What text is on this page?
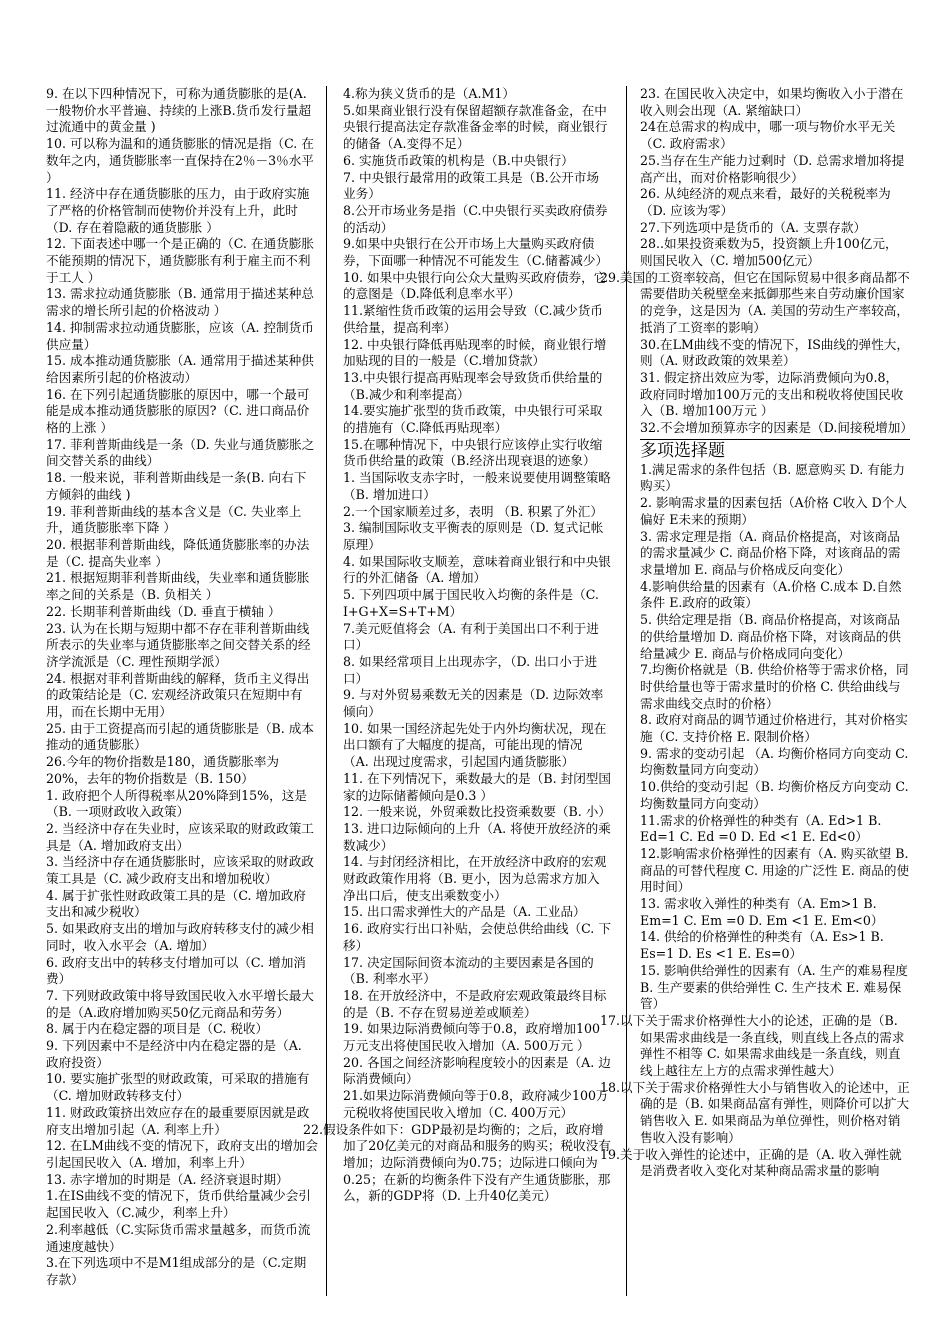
9. 在以下四种情况下，可称为通货膨胀的是(A.一般物价水平普遍、持续的上涨B.货币发行量超过流通中的黄金量 )

10. 可以称为温和的通货膨胀的情况是指（C. 在数年之内，通货膨胀率一直保持在2％－3％水平 ）

11. 经济中存在通货膨胀的压力，由于政府实施了严格的价格管制而使物价并没有上升，此时（D. 存在着隐蔽的通货膨胀 ）

12. 下面表述中哪一个是正确的（C. 在通货膨胀不能预期的情况下，通货膨胀有利于雇主而不利于工人 ）

13. 需求拉动通货膨胀（B. 通常用于描述某种总需求的增长所引起的价格波动 ）

14. 抑制需求拉动通货膨胀，应该（A. 控制货币供应量）

15. 成本推动通货膨胀（A. 通常用于描述某种供给因素所引起的价格波动）

16. 在下列引起通货膨胀的原因中，哪一个最可能是成本推动通货膨胀的原因?（C. 进口商品价格的上涨 ）

17. 菲利普斯曲线是一条（D. 失业与通货膨胀之间交替关系的曲线）

18. 一般来说，菲利普斯曲线是一条(B. 向右下方倾斜的曲线 )

19. 菲利普斯曲线的基本含义是（C. 失业率上升，通货膨胀率下降 ）

20. 根据菲利普斯曲线，降低通货膨胀率的办法是（C. 提高失业率 ）

21. 根据短期菲利普斯曲线，失业率和通货膨胀率之间的关系是（B. 负相关 ）

22. 长期菲利普斯曲线（D. 垂直于横轴 ）

23. 认为在长期与短期中都不存在菲利普斯曲线所表示的失业率与通货膨胀率之间交替关系的经济学流派是（C. 理性预期学派）

24. 根据对菲利普斯曲线的解释，货币主义得出的政策结论是（C. 宏观经济政策只在短期中有用，而在长期中无用）

25. 由于工资提高而引起的通货膨胀是（B. 成本推动的通货膨胀）

26.今年的物价指数是180，通货膨胀率为20%，去年的物价指数是（B. 150）

1. 政府把个人所得税率从20%降到15%，这是（B. 一项财政收入政策）

2. 当经济中存在失业时，应该采取的财政政策工具是（A. 增加政府支出）

3. 当经济中存在通货膨胀时，应该采取的财政政策工具是（C. 减少政府支出和增加税收）

4. 属于扩张性财政政策工具的是（C. 增加政府支出和减少税收）

5. 如果政府支出的增加与政府转移支付的减少相同时，收入水平会（A. 增加）

6. 政府支出中的转移支付增加可以（C. 增加消费）

7. 下列财政政策中将导致国民收入水平增长最大的是（A.政府增加购买50亿元商品和劳务）

8. 属于内在稳定器的项目是（C. 税收）

9. 下列因素中不是经济中内在稳定器的是（A. 政府投资）

10. 要实施扩张型的财政政策，可采取的措施有（C. 增加财政转移支付）

11. 财政政策挤出效应存在的最重要原因就是政府支出增加引起（A. 利率上升）

12. 在LM曲线不变的情况下，政府支出的增加会引起国民收入（A. 增加，利率上升）

13. 赤字增加的时期是（A. 经济衰退时期）

1.在IS曲线不变的情况下，货币供给量减少会引起国民收入（C.减少，利率上升）

2.利率越低（C.实际货币需求量越多，而货币流通速度越快）

3.在下列选项中不是M1组成部分的是（C.定期存款）

4.称为狭义货币的是（A.M1）

5.如果商业银行没有保留超额存款准备金，在中央银行提高法定存款准备金率的时候，商业银行的储备（A.变得不足）

6. 实施货币政策的机构是（B.中央银行）

7. 中央银行最常用的政策工具是（B.公开市场业务）

8.公开市场业务是指（C.中央银行买卖政府债券的活动）

9.如果中央银行在公开市场上大量购买政府债券，下面哪一种情况不可能发生（C.储蓄减少）

10. 如果中央银行向公众大量购买政府债券，它的意图是（D.降低利息率水平）

11.紧缩性货币政策的运用会导致（C.减少货币供给量，提高利率）

12. 中央银行降低再贴现率的时候，商业银行增加贴现的目的一般是（C.增加贷款）

13.中央银行提高再贴现率会导致货币供给量的（B.减少和利率提高）

14.要实施扩张型的货币政策，中央银行可采取的措施有（C.降低再贴现率）

15.在哪种情况下，中央银行应该停止实行收缩货币供给量的政策（B.经济出现衰退的迹象）

1. 当国际收支赤字时，一般来说要使用调整策略（B. 增加进口）

2.一个国家顺差过多，表明 （B. 积累了外汇）

3. 编制国际收支平衡表的原则是（D. 复式记帐原理）

4. 如果国际收支顺差，意味着商业银行和中央银行的外汇储备（A. 增加）

5. 下列四项中属于国民收入均衡的条件是（C. I+G+X=S+T+M）

7.美元贬值将会（A. 有利于美国出口不利于进口）

8. 如果经常项目上出现赤字，（D. 出口小于进口）

9. 与对外贸易乘数无关的因素是（D. 边际效率倾向）

10. 如果一国经济起先处于内外均衡状况，现在出口额有了大幅度的提高，可能出现的情况 （A. 出现过度需求，引起国内通货膨胀）

11. 在下列情况下，乘数最大的是（B. 封闭型国家的边际储蓄倾向是0.3 ）

12. 一般来说，外贸乘数比投资乘数要（B. 小）

13. 进口边际倾向的上升（A. 将使开放经济的乘数减少）

14. 与封闭经济相比，在开放经济中政府的宏观财政政策作用将（B. 更小，因为总需求方加入净出口后，使支出乘数变小）

15. 出口需求弹性大的产品是（A. 工业品）

16. 政府实行出口补贴，会使总供给曲线（C. 下移）

17. 决定国际间资本流动的主要因素是各国的（B. 利率水平）

18. 在开放经济中，不是政府宏观政策最终目标的是（B. 不存在贸易逆差或顺差）

19. 如果边际消费倾向等于0.8，政府增加100万元支出将使国民收入增加（A. 500万元 ）

20. 各国之间经济影响程度较小的因素是（A. 边际消费倾向）

21.如果边际消费倾向等于0.8，政府减少100万元税收将使国民收入增加（C. 400万元）

22.假设条件如下：GDP最初是均衡的；之后，政府增加了20亿美元的对商品和服务的购买；税收没有增加；边际消费倾向为0.75；边际进口倾向为0.25；在新的均衡条件下没有产生通货膨胀，那么，新的GDP将（D. 上升40亿美元）

23. 在国民收入决定中，如果均衡收入小于潜在收入则会出现（A. 紧缩缺口）

24在总需求的构成中，哪一项与物价水平无关（C. 政府需求）

25.当存在生产能力过剩时（D. 总需求增加将提高产出，而对价格影响很少）

26. 从纯经济的观点来看，最好的关税税率为（D. 应该为零）

27.下列选项中是货币的（A. 支票存款）

28..如果投资乘数为5，投资额上升100亿元，则国民收入（C. 增加500亿元）

29.美国的工资率较高，但它在国际贸易中很多商品都不需要借助关税壁垒来抵御那些来自劳动廉价国家的竞争，这是因为（A. 美国的劳动生产率较高，抵消了工资率的影响）

30.在LM曲线不变的情况下，IS曲线的弹性大，则（A. 财政政策的效果差）

31. 假定挤出效应为零，边际消费倾向为0.8，政府同时增加100万元的支出和税收将使国民收入（B. 增加100万元 ）

32.不会增加预算赤字的因素是（D.间接税增加）

多项选择题

1.满足需求的条件包括（B. 愿意购买 D. 有能力购买）

2. 影响需求量的因素包括（A价格 C收入 D个人偏好 E未来的预期）

3. 需求定理是指（A. 商品价格提高，对该商品的需求量减少 C. 商品价格下降，对该商品的需求量增加 E. 商品与价格成反向变化）

4.影响供给量的因素有（A.价格 C.成本 D.自然条件 E.政府的政策）

5. 供给定理是指（B. 商品价格提高，对该商品的供给量增加 D. 商品价格下降，对该商品的供给量减少 E. 商品与价格成同向变化）

7.均衡价格就是（B. 供给价格等于需求价格，同时供给量也等于需求量时的价格 C. 供给曲线与需求曲线交点时的价格）

8. 政府对商品的调节通过价格进行，其对价格实施（C. 支持价格 E. 限制价格）

9. 需求的变动引起 （A. 均衡价格同方向变动 C. 均衡数量同方向变动）

10.供给的变动引起（B. 均衡价格反方向变动 C. 均衡数量同方向变动）

11.需求的价格弹性的种类有（A. Ed>1 B. Ed=1 C. Ed =0 D. Ed <1 E. Ed<0）

12.影响需求价格弹性的因素有（A. 购买欲望 B. 商品的可替代程度 C. 用途的广泛性 E. 商品的使用时间）

13. 需求收入弹性的种类有（A. Em>1 B. Em=1 C. Em =0 D. Em <1 E. Em<0）

14. 供给的价格弹性的种类有（A. Es>1 B. Es=1 D. Es <1 E. Es=0）

15. 影响供给弹性的因素有（A. 生产的难易程度 B. 生产要素的供给弹性 C. 生产技术 E. 难易保管）

17.以下关于需求价格弹性大小的论述，正确的是（B. 如果需求曲线是一条直线，则直线上各点的需求弹性不相等 C. 如果需求曲线是一条直线，则直线上越往左上方的点需求弹性越大）

18.以下关于需求价格弹性大小与销售收入的论述中，正确的是（B. 如果商品富有弹性，则降价可以扩大销售收入 E. 如果商品为单位弹性，则价格对销售收入没有影响）

19.关于收入弹性的论述中，正确的是（A. 收入弹性就是消费者收入变化对某种商品需求量的影响
